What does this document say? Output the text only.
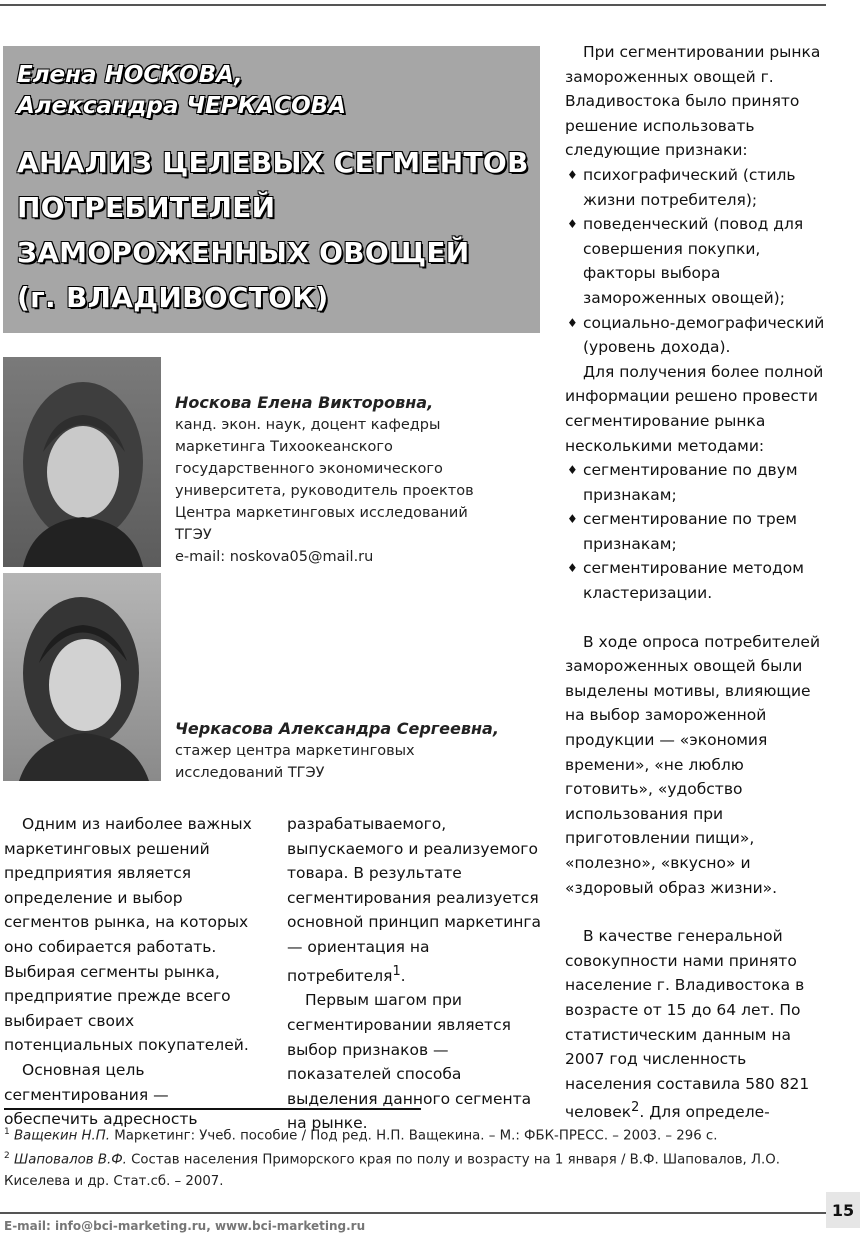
Елена НОСКОВА,
Александра ЧЕРКАСОВА
АНАЛИЗ ЦЕЛЕВЫХ СЕГМЕНТОВ
ПОТРЕБИТЕЛЕЙ
ЗАМОРОЖЕННЫХ ОВОЩЕЙ
(г. ВЛАДИВОСТОК)
Носкова Елена Викторовна,
канд. экон. наук, доцент кафедры
маркетинга Тихоокеанского
государственного экономического
университета, руководитель проектов
Центра маркетинговых исследований
ТГЭУ
e-mail: noskova05@mail.ru
Черкасова Александра Сергеевна,
стажер центра маркетинговых
исследований ТГЭУ

При сегментировании рынка замороженных овощей г. Владивостока было принято решение использовать следующие признаки:

♦ психографический (стиль жизни потребителя);
♦ поведенческий (повод для совершения покупки, факторы выбора замороженных овощей);
♦ социально-демографический (уровень дохода).

Для получения более полной информации решено провести сегментирование рынка несколькими методами:

♦ сегментирование по двум признакам;
♦ сегментирование по трем признакам;
♦ сегментирование методом кластеризации.

В ходе опроса потребителей замороженных овощей были выделены мотивы, влияющие на выбор замороженной продукции — «экономия времени», «не люблю готовить», «удобство использования при приготовлении пищи», «полезно», «вкусно» и «здоровый образ жизни».

В качестве генеральной совокупности нами принято население г. Владивостока в возрасте от 15 до 64 лет. По статистическим данным на 2007 год численность населения составила 580 821 человек$^2$. Для определе-

Одним из наиболее важных маркетинговых решений предприятия является определение и выбор сегментов рынка, на которых оно собирается работать. Выбирая сегменты рынка, предприятие прежде всего выбирает своих потенциальных покупателей.

Основная цель сегментирования — обеспечить адресность

разрабатываемого, выпускаемого и реализуемого товара. В результате сегментирования реализуется основной принцип маркетинга — ориентация на потребителя$^1$.

Первым шагом при сегментировании является выбор признаков — показателей способа выделения данного сегмента на рынке.

$^1$ Ващекин Н.П. Маркетинг: Учеб. пособие / Под ред. Н.П. Ващекина. – М.: ФБК-ПРЕСС. – 2003. – 296 с.
$^2$ Шаповалов В.Ф. Состав населения Приморского края по полу и возрасту на 1 января / В.Ф. Шаповалов, Л.О. Киселева и др. Стат.сб. – 2007.
E-mail: info@bci-marketing.ru, www.bci-marketing.ru
15
